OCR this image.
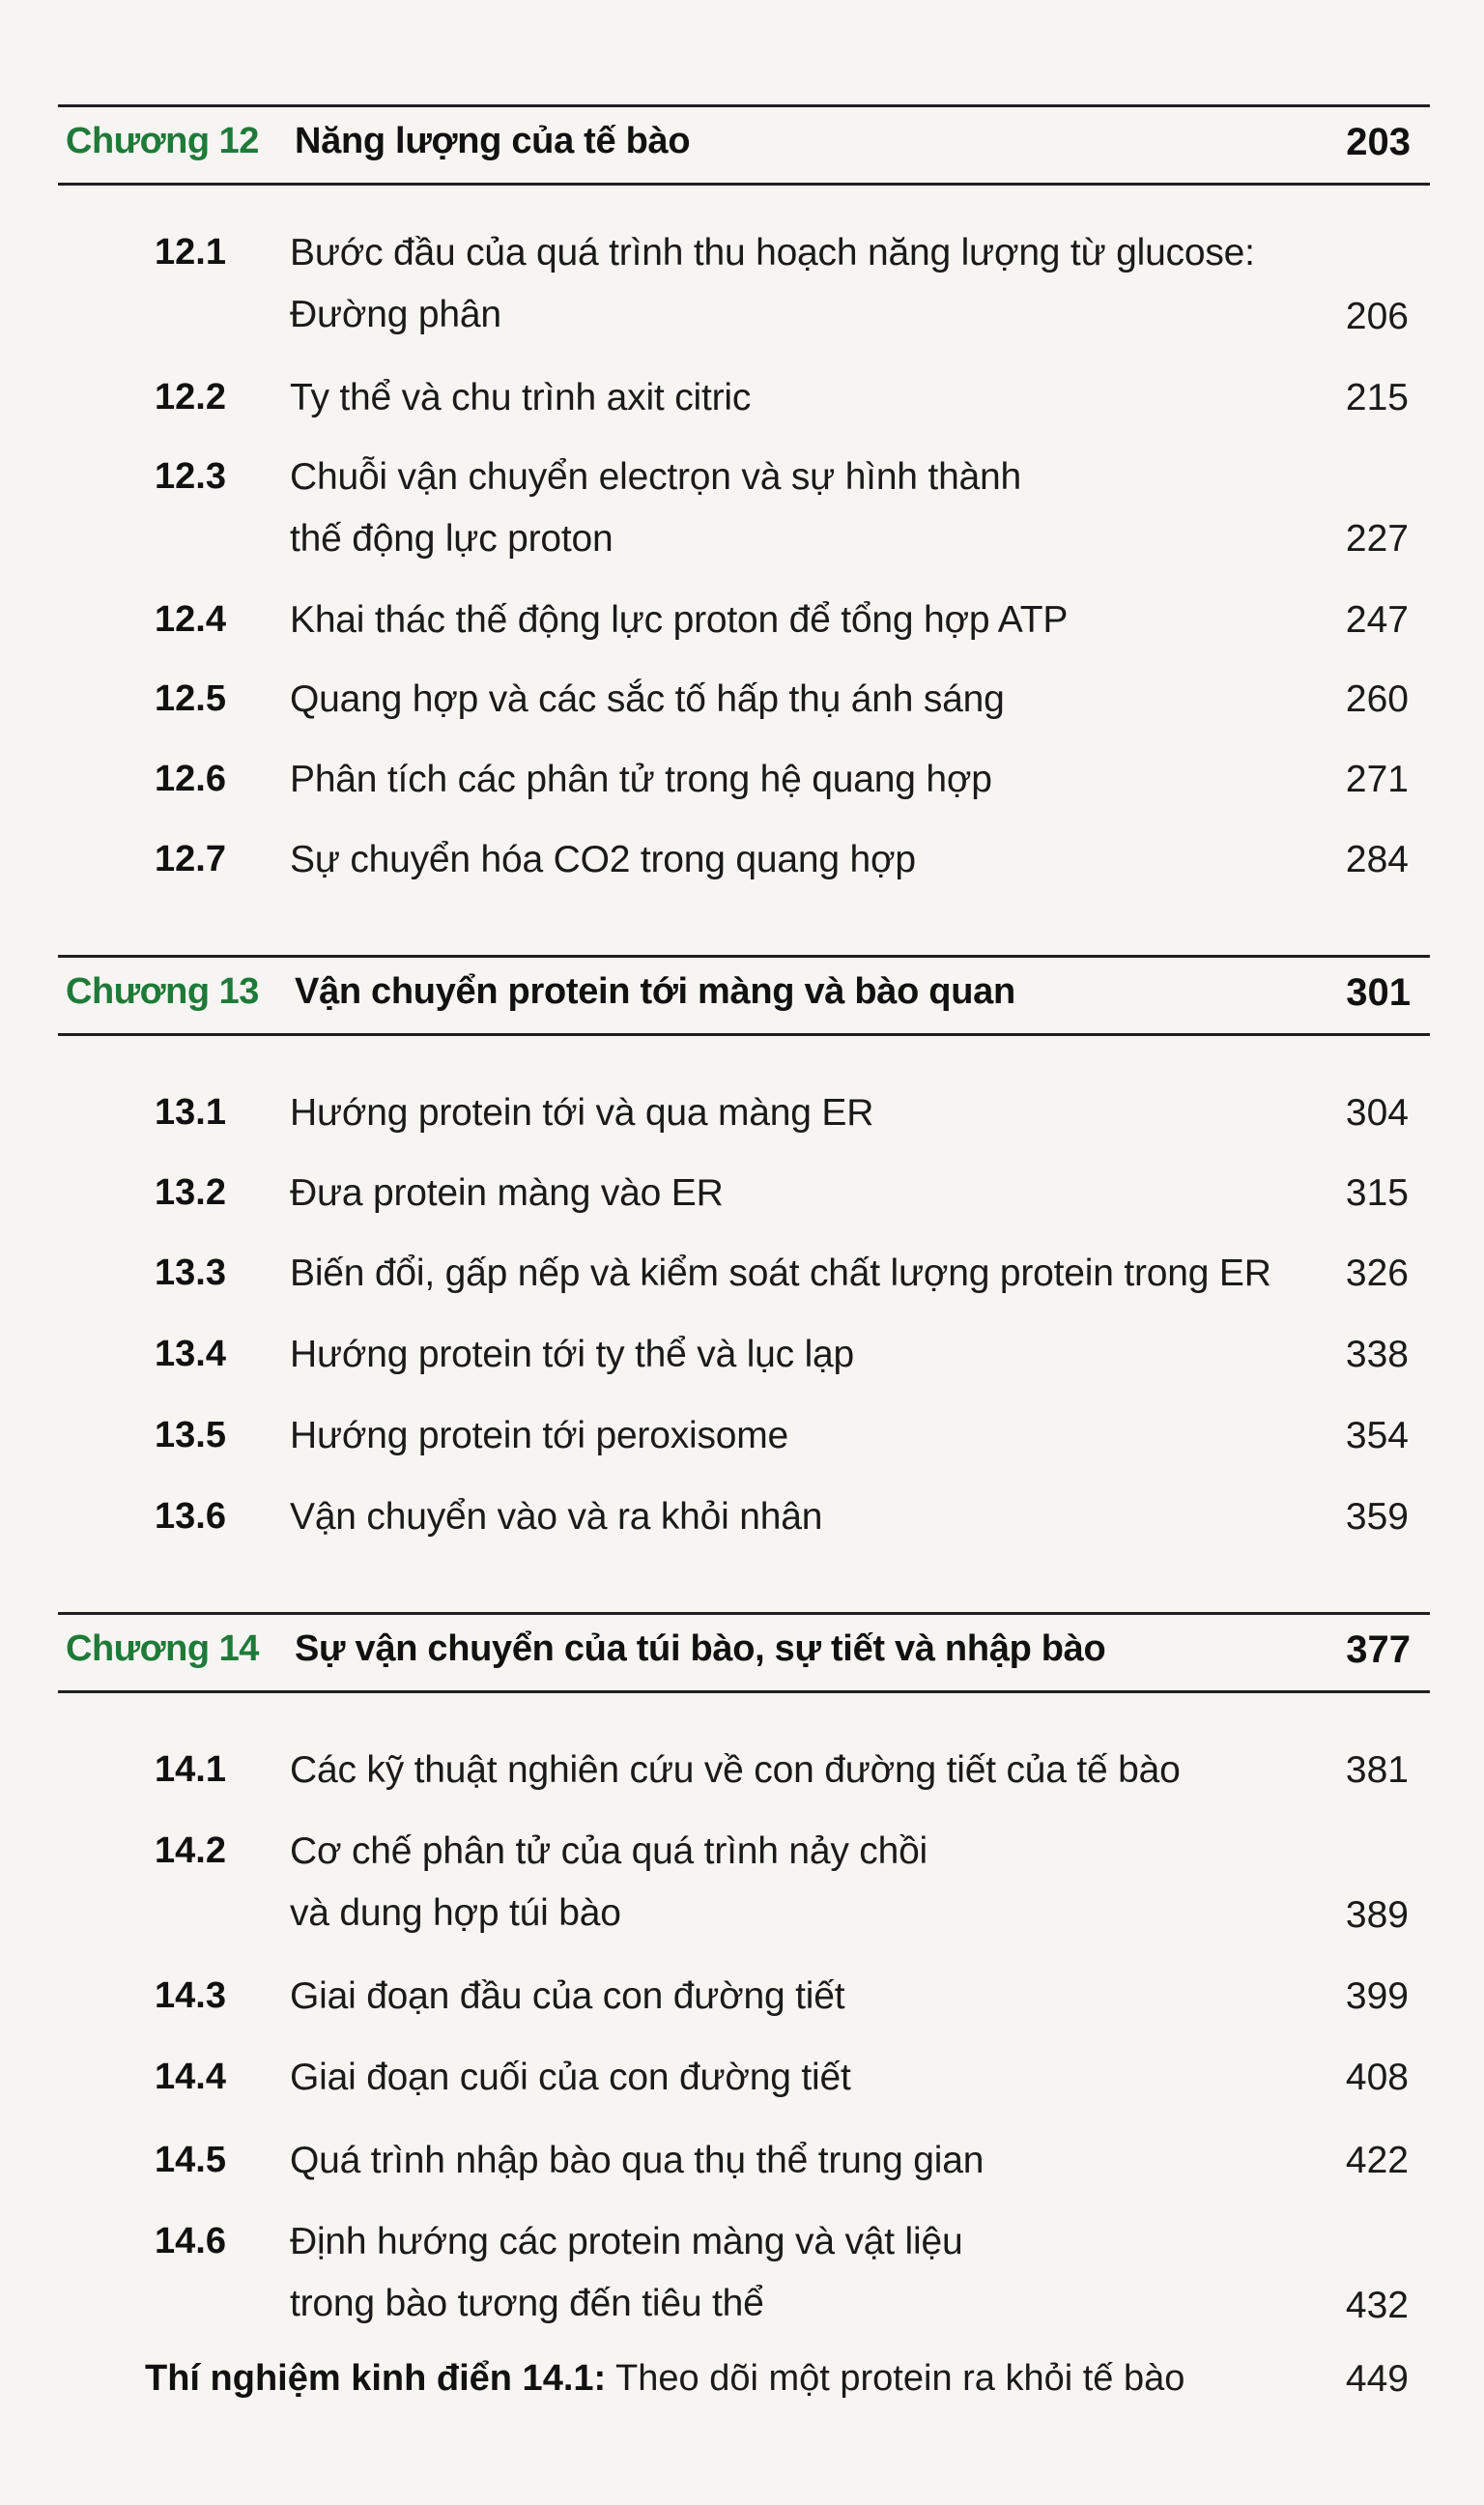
Chương 12 Năng lượng của tế bào	203
12.1 Bước đầu của quá trình thu hoạch năng lượng từ glucose:
Đường phân	206
12.2 Ty thể và chu trình axit citric	215
12.3 Chuỗi vận chuyển electrọn và sự hình thành
thế động lực proton	227
12.4 Khai thác thế động lực proton để tổng hợp ATP	247
12.5 Quang hợp và các sắc tố hấp thụ ánh sáng	260
12.6 Phân tích các phân tử trong hệ quang hợp	271
12.7 Sự chuyển hóa CO2 trong quang hợp	284
Chương 13 Vận chuyển protein tới màng và bào quan	301
13.1 Hướng protein tới và qua màng ER	304
13.2 Đưa protein màng vào ER	315
13.3 Biến đổi, gấp nếp và kiểm soát chất lượng protein trong ER 326
13.4 Hướng protein tới ty thể và lục lạp	338
13.5 Hướng protein tới peroxisome	354
13.6 Vận chuyển vào và ra khỏi nhân	359
Chương 14 Sự vận chuyển của túi bào, sự tiết và nhập bào	377
14.1 Các kỹ thuật nghiên cứu về con đường tiết của tế bào	381
14.2 Cơ chế phân tử của quá trình nảy chồi
và dung hợp túi bào	389
14.3 Giai đoạn đầu của con đường tiết	399
14.4 Giai đoạn cuối của con đường tiết	408
14.5 Quá trình nhập bào qua thụ thể trung gian	422
14.6 Định hướng các protein màng và vật liệu
trong bào tương đến tiêu thể	432
Thí nghiệm kinh điển 14.1: Theo dõi một protein ra khỏi tế bào	449
